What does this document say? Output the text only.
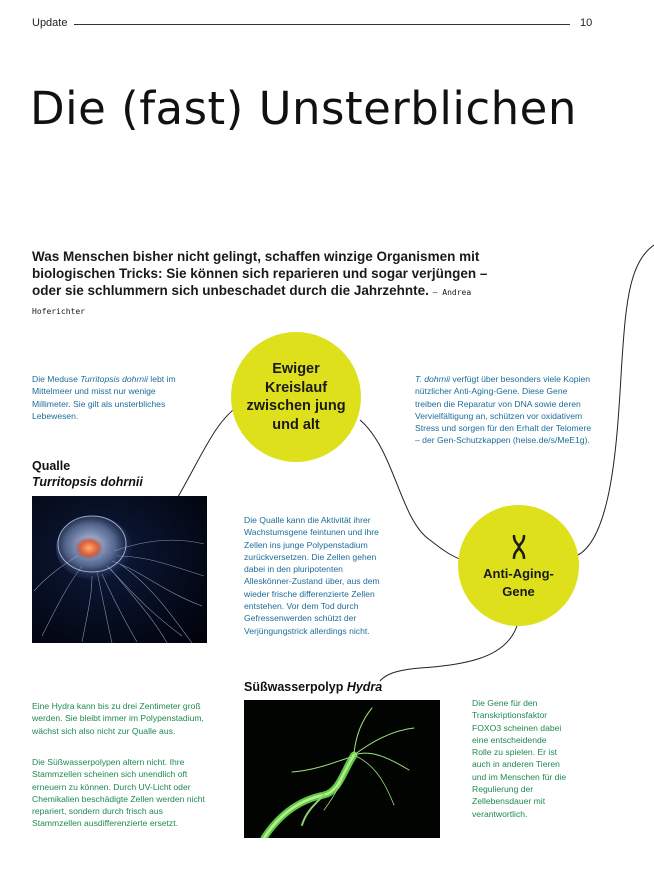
Update	10
Die (fast) Unsterblichen

Was Menschen bisher nicht gelingt, schaffen winzige Organismen mit biologischen Tricks: Sie können sich reparieren und sogar verjüngen – oder sie schlummern sich unbeschadet durch die Jahrzehnte. – Andrea Hoferichter

Ewiger Kreislauf zwischen jung und alt
Anti-Aging-Gene
Die Meduse Turritopsis dohrnii lebt im Mittelmeer und misst nur wenige Millimeter. Sie gilt als unsterbliches Lebewesen.
T. dohrnii verfügt über besonders viele Kopien nützlicher Anti-Aging-Gene. Diese Gene treiben die Reparatur von DNA sowie deren Vervielfältigung an, schützen vor oxidativem Stress und sorgen für den Erhalt der Telomere – der Gen-Schutzkappen (heise.de/s/MeE1g).
Qualle
Turritopsis dohrnii
Die Qualle kann die Aktivität ihrer Wachstumsgene feintunen und ihre Zellen ins junge Polypenstadium zurückversetzen. Die Zellen gehen dabei in den pluripotenten Alleskönner-Zustand über, aus dem wieder frische differenzierte Zellen entstehen. Vor dem Tod durch Gefressenwerden schützt der Verjüngungstrick allerdings nicht.
Süßwasserpolyp Hydra
Eine Hydra kann bis zu drei Zentimeter groß werden. Sie bleibt immer im Polypenstadium, wächst sich also nicht zur Qualle aus.
Die Süßwasserpolypen altern nicht. Ihre Stammzellen scheinen sich unendlich oft erneuern zu können. Durch UV-Licht oder Chemikalien beschädigte Zellen werden nicht repariert, sondern durch frisch aus Stammzellen ausdifferenzierte ersetzt.
Die Gene für den Transkriptionsfaktor FOXO3 scheinen dabei eine entscheidende Rolle zu spielen. Er ist auch in anderen Tieren und im Menschen für die Regulierung der Zellebensdauer mit verantwortlich.
